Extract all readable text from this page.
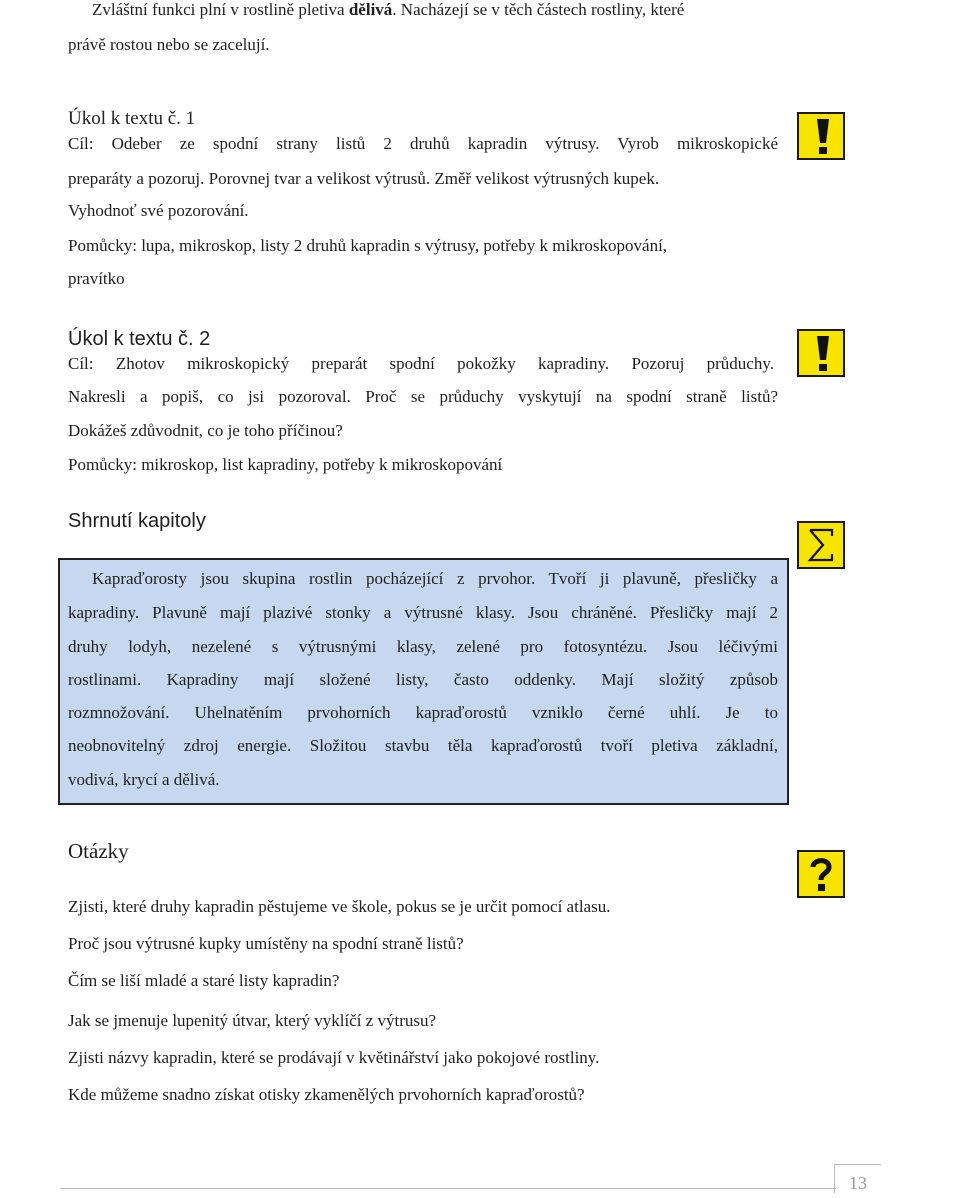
Zvláštní funkci plní v rostlině pletiva dělivá. Nacházejí se v těch částech rostliny, které
právě rostou nebo se zacelují.
Úkol k textu č. 1
Cíl: Odeber ze spodní strany listů 2 druhů kapradin výtrusy. Vyrob mikroskopické
preparáty a pozoruj. Porovnej tvar a velikost výtrusů. Změř velikost výtrusných kupek.
Vyhodnoť své pozorování.
Pomůcky: lupa, mikroskop, listy 2 druhů kapradin s výtrusy, potřeby k mikroskopování,
pravítko
Úkol k textu č. 2
Cíl: Zhotov mikroskopický preparát spodní pokožky kapradiny. Pozoruj průduchy.
Nakresli a popiš, co jsi pozoroval. Proč se průduchy vyskytují na spodní straně listů?
Dokážeš zdůvodnit, co je toho příčinou?
Pomůcky: mikroskop, list kapradiny, potřeby k mikroskopování
Shrnutí kapitoly
Kapraďorosty jsou skupina rostlin pocházející z prvohor. Tvoří ji plavuně, přesličky a
kapradiny. Plavuně mají plazivé stonky a výtrusné klasy. Jsou chráněné. Přesličky mají 2
druhy lodyh, nezelené s výtrusnými klasy, zelené pro fotosyntézu. Jsou léčivými
rostlinami. Kapradiny mají složené listy, často oddenky. Mají složitý způsob
rozmnožování. Uhelnatěním prvohorních kapraďorostů vzniklo černé uhlí. Je to
neobnovitelný zdroj energie. Složitou stavbu těla kapraďorostů tvoří pletiva základní,
vodivá, krycí a dělivá.
Otázky
Zjisti, které druhy kapradin pěstujeme ve škole, pokus se je určit pomocí atlasu.
Proč jsou výtrusné kupky umístěny na spodní straně listů?
Čím se liší mladé a staré listy kapradin?
Jak se jmenuje lupenitý útvar, který vyklíčí z výtrusu?
Zjisti názvy kapradin, které se prodávají v květinářství jako pokojové rostliny.
Kde můžeme snadno získat otisky zkamenělých prvohorních kapraďorostů?
13
